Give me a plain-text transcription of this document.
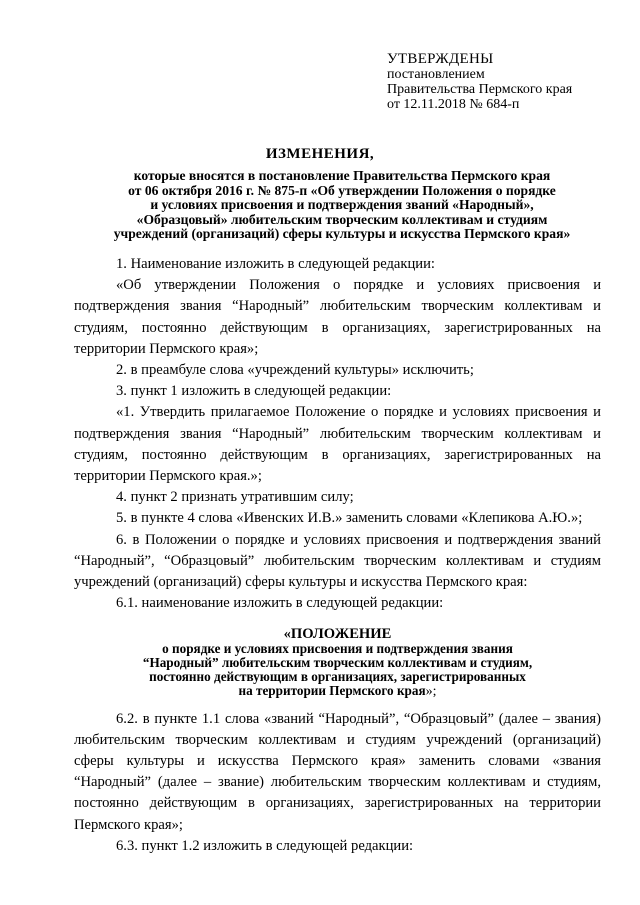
УТВЕРЖДЕНЫ
постановлением
Правительства Пермского края
от 12.11.2018 № 684-п
ИЗМЕНЕНИЯ,
которые вносятся в постановление Правительства Пермского края
от 06 октября 2016 г. № 875-п «Об утверждении Положения о порядке
и условиях присвоения и подтверждения званий «Народный»,
«Образцовый» любительским творческим коллективам и студиям
учреждений (организаций) сферы культуры и искусства Пермского края»

1. Наименование изложить в следующей редакции:

«Об утверждении Положения о порядке и условиях присвоения и подтверждения звания “Народный” любительским творческим коллективам и студиям, постоянно действующим в организациях, зарегистрированных на территории Пермского края»;

2. в преамбуле слова «учреждений культуры» исключить;

3. пункт 1 изложить в следующей редакции:

«1. Утвердить прилагаемое Положение о порядке и условиях присвоения и подтверждения звания “Народный” любительским творческим коллективам и студиям, постоянно действующим в организациях, зарегистрированных на территории Пермского края.»;

4. пункт 2 признать утратившим силу;

5. в пункте 4 слова «Ивенских И.В.» заменить словами «Клепикова А.Ю.»;

6. в Положении о порядке и условиях присвоения и подтверждения званий “Народный”, “Образцовый” любительским творческим коллективам и студиям учреждений (организаций) сферы культуры и искусства Пермского края:

6.1. наименование изложить в следующей редакции:

«ПОЛОЖЕНИЕ
о порядке и условиях присвоения и подтверждения звания
“Народный” любительским творческим коллективам и студиям,
постоянно действующим в организациях, зарегистрированных
на территории Пермского края»;

6.2. в пункте 1.1 слова «званий “Народный”, “Образцовый” (далее – звания) любительским творческим коллективам и студиям учреждений (организаций) сферы культуры и искусства Пермского края» заменить словами «звания “Народный” (далее – звание) любительским творческим коллективам и студиям, постоянно действующим в организациях, зарегистрированных на территории Пермского края»;

6.3. пункт 1.2 изложить в следующей редакции:
